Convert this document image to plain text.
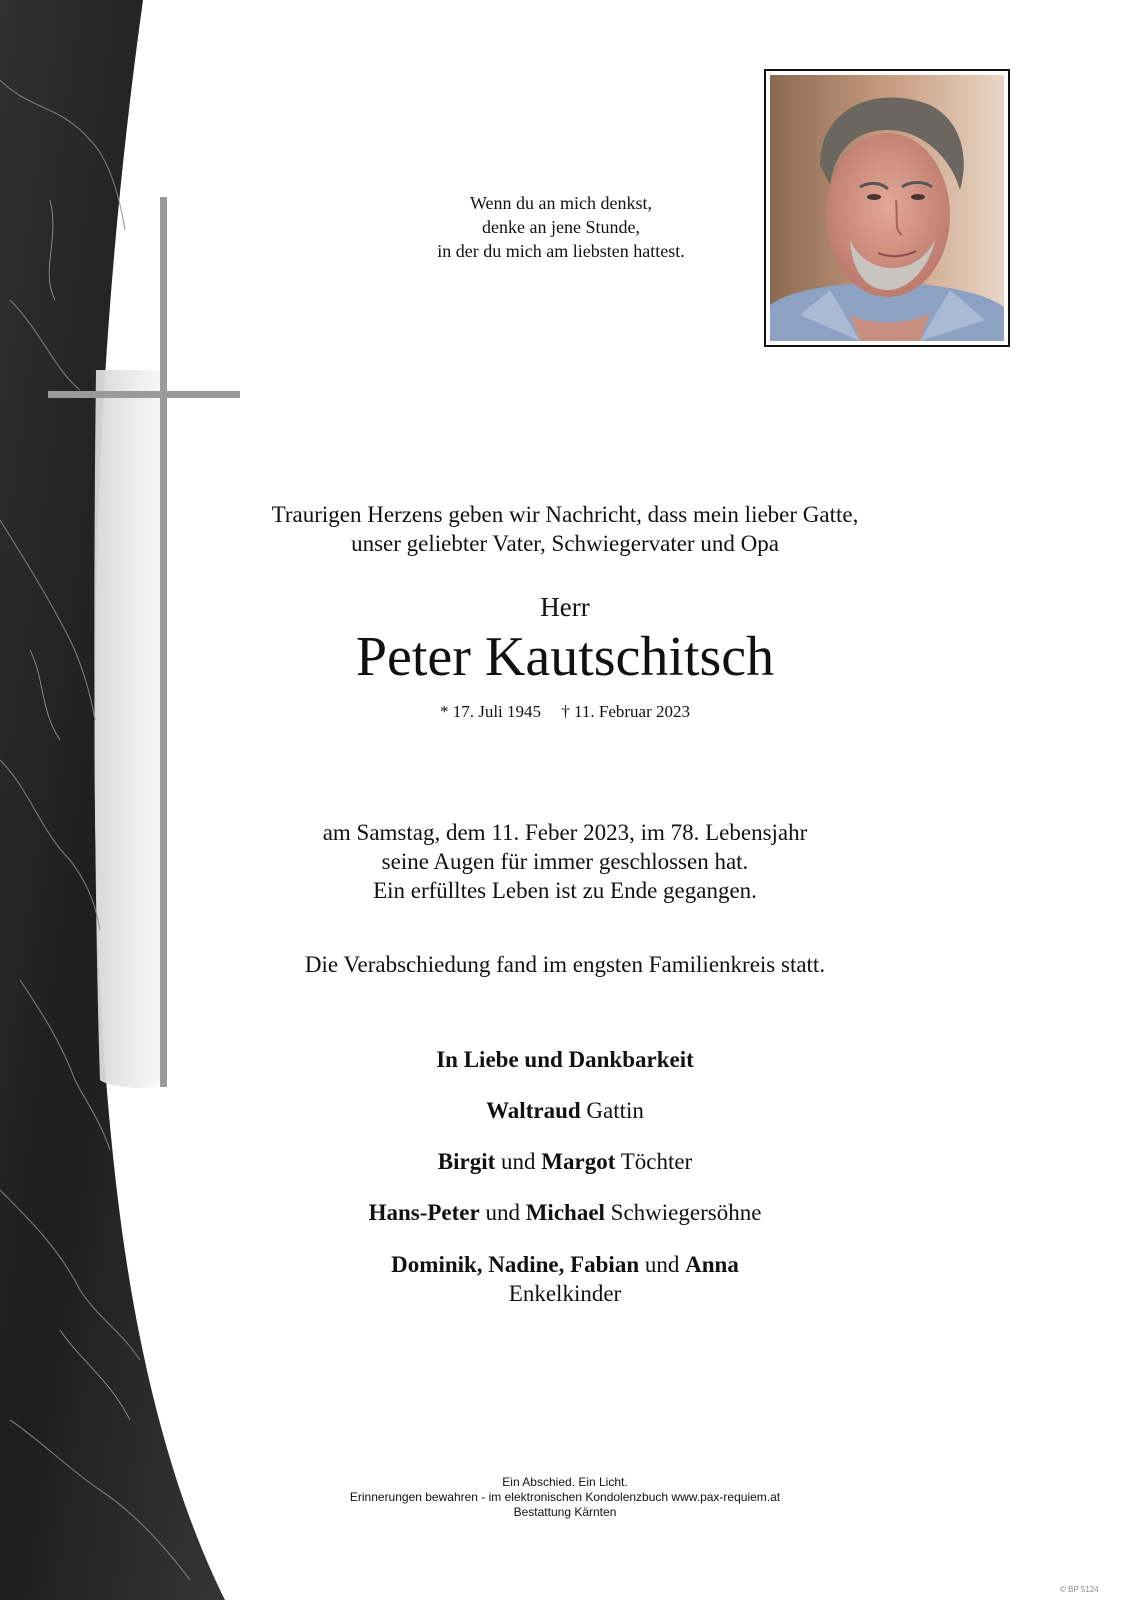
Wenn du an mich denkst,
denke an jene Stunde,
in der du mich am liebsten hattest.
Traurigen Herzens geben wir Nachricht, dass mein lieber Gatte,
unser geliebter Vater, Schwiegervater und Opa
Herr
Peter Kautschitsch
* 17. Juli 1945 † 11. Februar 2023
am Samstag, dem 11. Feber 2023, im 78. Lebensjahr
seine Augen für immer geschlossen hat.
Ein erfülltes Leben ist zu Ende gegangen.
Die Verabschiedung fand im engsten Familienkreis statt.
In Liebe und Dankbarkeit
Waltraud Gattin
Birgit und Margot Töchter
Hans-Peter und Michael Schwiegersöhne
Dominik, Nadine, Fabian und Anna
Enkelkinder
Ein Abschied. Ein Licht.
Erinnerungen bewahren - im elektronischen Kondolenzbuch www.pax-requiem.at
Bestattung Kärnten
© BP 5124
